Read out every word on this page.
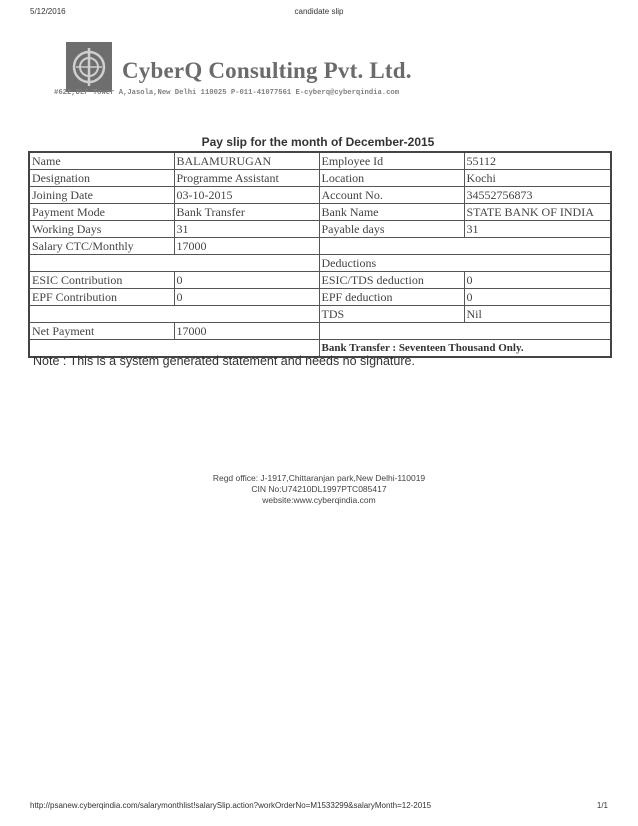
5/12/2016	candidate slip
CyberQ Consulting Pvt. Ltd.
#622,DLF Tower A,Jasola,New Delhi 110025 P-011-41077561 E-cyberq@cyberqindia.com
Pay slip for the month of December-2015
Name	BALAMURUGAN	Employee Id	55112
Designation	Programme Assistant	Location	Kochi
Joining Date	03-10-2015	Account No.	34552756873
Payment Mode	Bank Transfer	Bank Name	STATE BANK OF INDIA
Working Days	31	Payable days	31
Salary CTC/Monthly	17000		
		Deductions	
ESIC Contribution	0	ESIC/TDS deduction	0
EPF Contribution	0	EPF deduction	0
		TDS	Nil
Net Payment	17000		
		Bank Transfer : Seventeen Thousand Only.	
Note : This is a system generated statement and needs no signature.
Regd office: J-1917,Chittaranjan park,New Delhi-110019
CIN No:U74210DL1997PTC085417
website:www.cyberqindia.com
http://psanew.cyberqindia.com/salarymonthlist!salarySlip.action?workOrderNo=M1533299&salaryMonth=12-2015	1/1
